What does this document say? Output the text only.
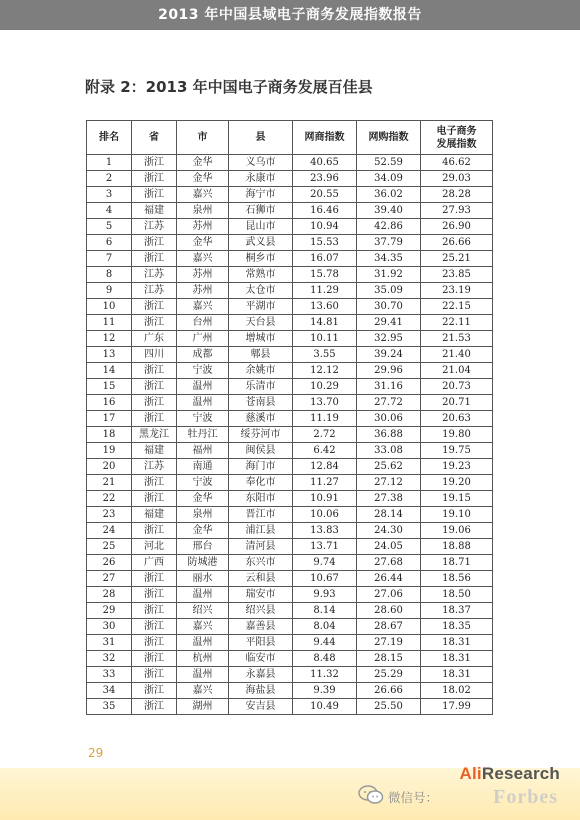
2013 年中国县域电子商务发展指数报告
附录 2：2013 年中国电子商务发展百佳县
排名	省	市	县	网商指数	网购指数	电子商务
发展指数
1	浙江	金华	义乌市	40.65	52.59	46.62
2	浙江	金华	永康市	23.96	34.09	29.03
3	浙江	嘉兴	海宁市	20.55	36.02	28.28
4	福建	泉州	石狮市	16.46	39.40	27.93
5	江苏	苏州	昆山市	10.94	42.86	26.90
6	浙江	金华	武义县	15.53	37.79	26.66
7	浙江	嘉兴	桐乡市	16.07	34.35	25.21
8	江苏	苏州	常熟市	15.78	31.92	23.85
9	江苏	苏州	太仓市	11.29	35.09	23.19
10	浙江	嘉兴	平湖市	13.60	30.70	22.15
11	浙江	台州	天台县	14.81	29.41	22.11
12	广东	广州	增城市	10.11	32.95	21.53
13	四川	成都	郫县	3.55	39.24	21.40
14	浙江	宁波	余姚市	12.12	29.96	21.04
15	浙江	温州	乐清市	10.29	31.16	20.73
16	浙江	温州	苍南县	13.70	27.72	20.71
17	浙江	宁波	慈溪市	11.19	30.06	20.63
18	黑龙江	牡丹江	绥芬河市	2.72	36.88	19.80
19	福建	福州	闽侯县	6.42	33.08	19.75
20	江苏	南通	海门市	12.84	25.62	19.23
21	浙江	宁波	奉化市	11.27	27.12	19.20
22	浙江	金华	东阳市	10.91	27.38	19.15
23	福建	泉州	晋江市	10.06	28.14	19.10
24	浙江	金华	浦江县	13.83	24.30	19.06
25	河北	邢台	清河县	13.71	24.05	18.88
26	广西	防城港	东兴市	9.74	27.68	18.71
27	浙江	丽水	云和县	10.67	26.44	18.56
28	浙江	温州	瑞安市	9.93	27.06	18.50
29	浙江	绍兴	绍兴县	8.14	28.60	18.37
30	浙江	嘉兴	嘉善县	8.04	28.67	18.35
31	浙江	温州	平阳县	9.44	27.19	18.31
32	浙江	杭州	临安市	8.48	28.15	18.31
33	浙江	温州	永嘉县	11.32	25.29	18.31
34	浙江	嘉兴	海盐县	9.39	26.66	18.02
35	浙江	湖州	安吉县	10.49	25.50	17.99
29
AliResearch
微信号：	Forbes
